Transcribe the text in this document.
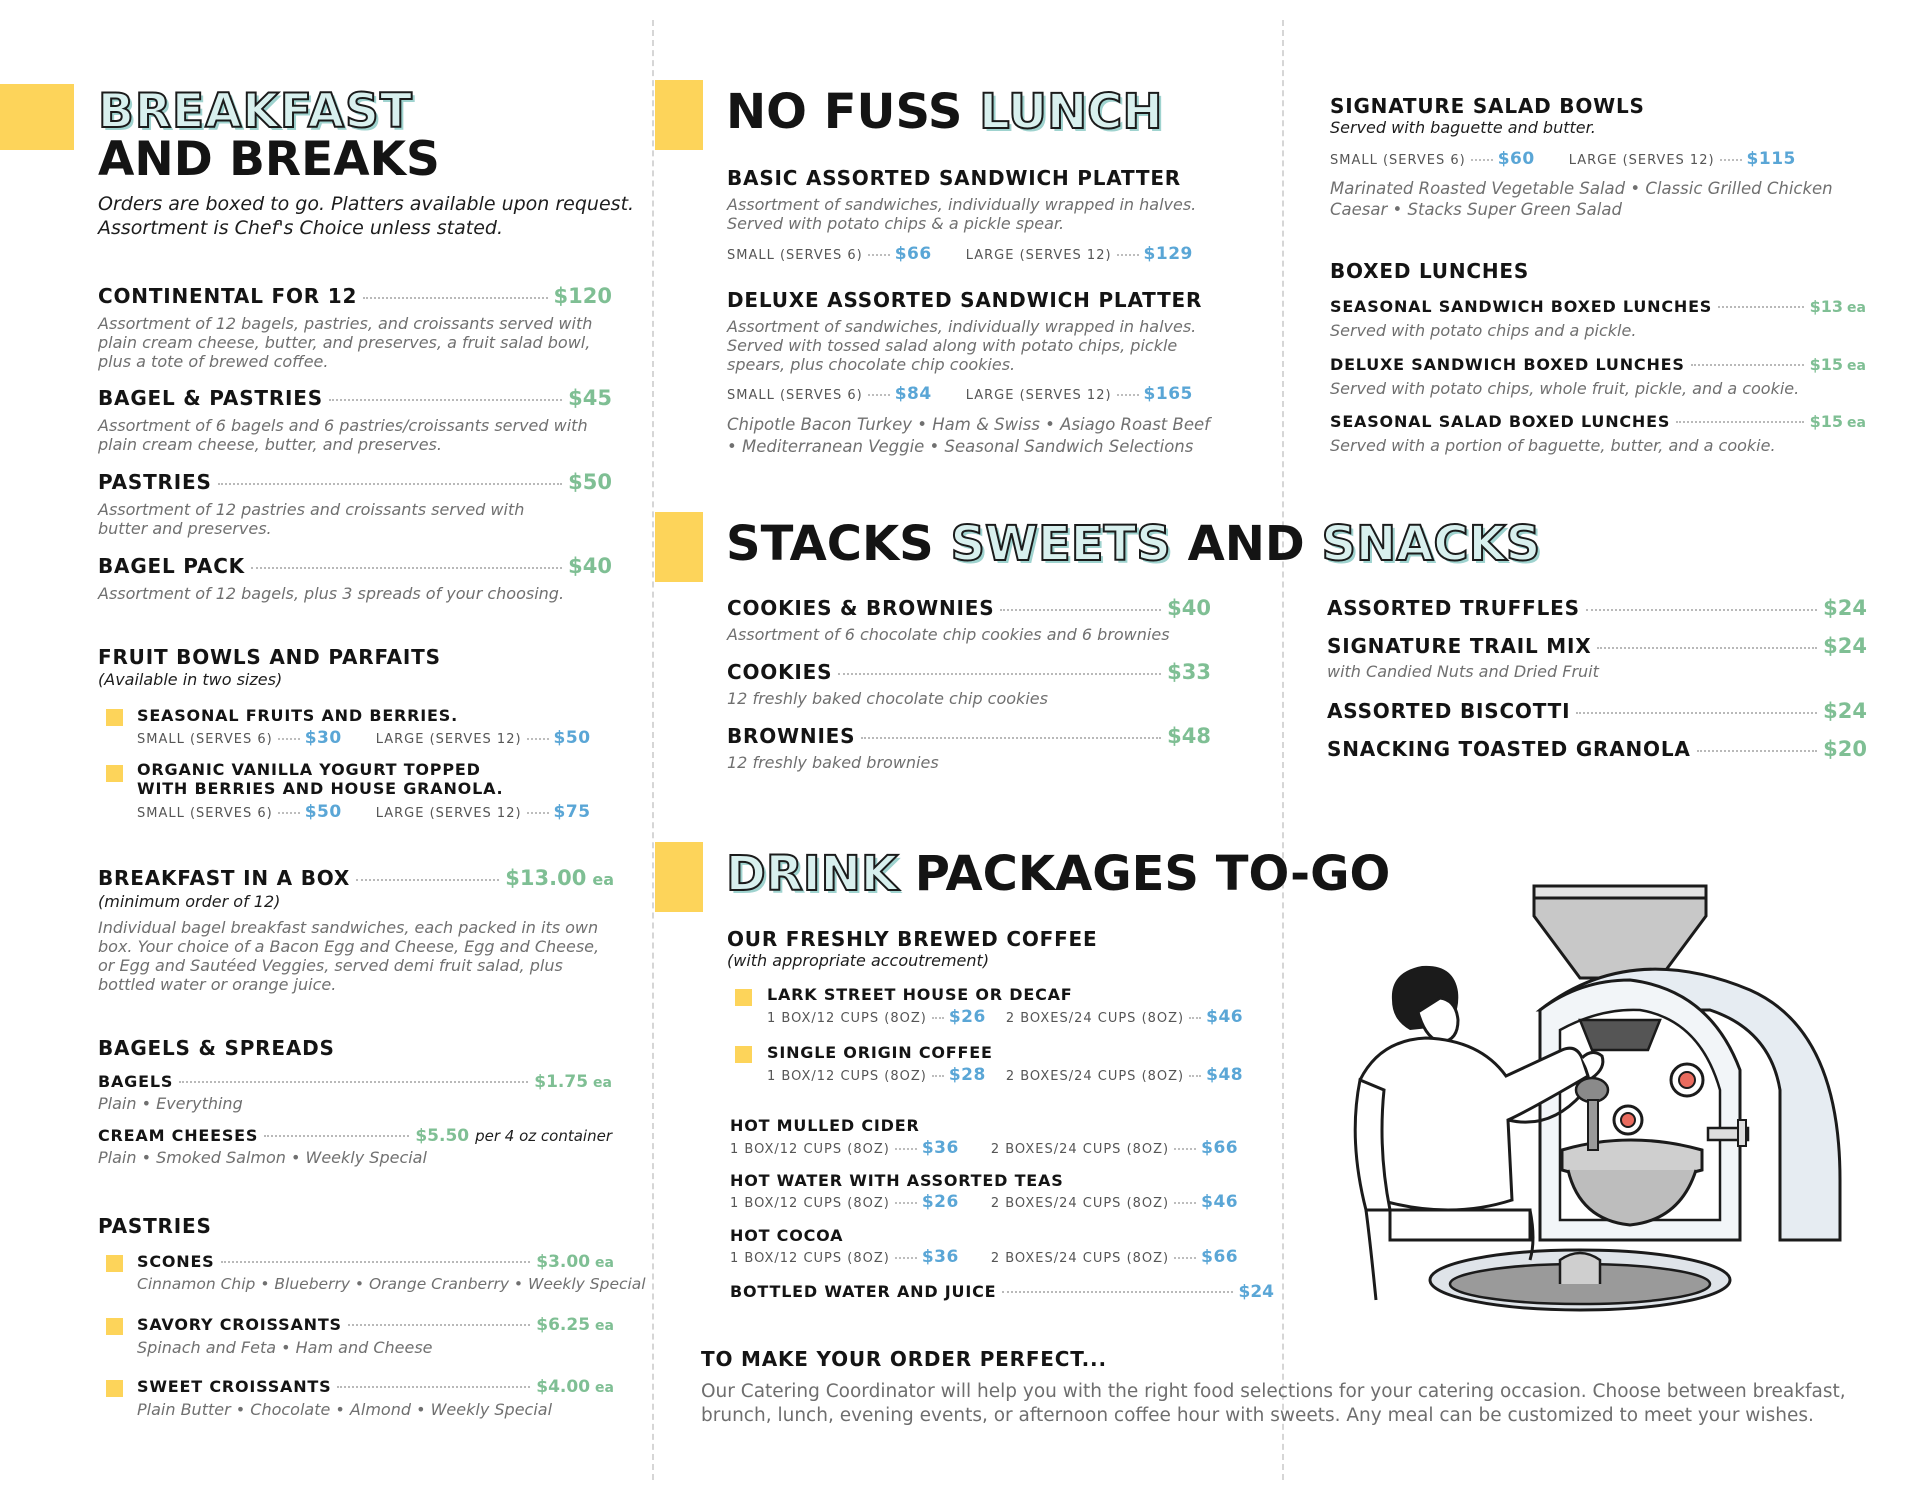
BREAKFAST
AND BREAKS
Orders are boxed to go. Platters available upon request.
Assortment is Chef's Choice unless stated.
CONTINENTAL FOR 12	$120
Assortment of 12 bagels, pastries, and croissants served with plain cream cheese, butter, and preserves, a fruit salad bowl, plus a tote of brewed coffee.
BAGEL & PASTRIES	$45
Assortment of 6 bagels and 6 pastries/croissants served with plain cream cheese, butter, and preserves.
PASTRIES	$50
Assortment of 12 pastries and croissants served with butter and preserves.
BAGEL PACK	$40
Assortment of 12 bagels, plus 3 spreads of your choosing.
FRUIT BOWLS AND PARFAITS
(Available in two sizes)
SEASONAL FRUITS AND BERRIES.
SMALL (SERVES 6) $30	LARGE (SERVES 12) $50
ORGANIC VANILLA YOGURT TOPPED
WITH BERRIES AND HOUSE GRANOLA.
SMALL (SERVES 6) $50	LARGE (SERVES 12) $75
BREAKFAST IN A BOX	$13.00 ea
(minimum order of 12)
Individual bagel breakfast sandwiches, each packed in its own box. Your choice of a Bacon Egg and Cheese, Egg and Cheese, or Egg and Sautéed Veggies, served demi fruit salad, plus bottled water or orange juice.
BAGELS & SPREADS
BAGELS	$1.75 ea
Plain • Everything
CREAM CHEESES	$5.50 per 4 oz container
Plain • Smoked Salmon • Weekly Special
PASTRIES
SCONES	$3.00 ea
Cinnamon Chip • Blueberry • Orange Cranberry • Weekly Special
SAVORY CROISSANTS	$6.25 ea
Spinach and Feta • Ham and Cheese
SWEET CROISSANTS	$4.00 ea
Plain Butter • Chocolate • Almond • Weekly Special
NO FUSS LUNCH
BASIC ASSORTED SANDWICH PLATTER
Assortment of sandwiches, individually wrapped in halves. Served with potato chips & a pickle spear.
SMALL (SERVES 6) $66	LARGE (SERVES 12) $129
DELUXE ASSORTED SANDWICH PLATTER
Assortment of sandwiches, individually wrapped in halves. Served with tossed salad along with potato chips, pickle spears, plus chocolate chip cookies.
SMALL (SERVES 6) $84	LARGE (SERVES 12) $165
Chipotle Bacon Turkey • Ham & Swiss • Asiago Roast Beef • Mediterranean Veggie • Seasonal Sandwich Selections
SIGNATURE SALAD BOWLS
Served with baguette and butter.
SMALL (SERVES 6) $60	LARGE (SERVES 12) $115
Marinated Roasted Vegetable Salad • Classic Grilled Chicken Caesar • Stacks Super Green Salad
BOXED LUNCHES
SEASONAL SANDWICH BOXED LUNCHES	$13 ea
Served with potato chips and a pickle.
DELUXE SANDWICH BOXED LUNCHES	$15 ea
Served with potato chips, whole fruit, pickle, and a cookie.
SEASONAL SALAD BOXED LUNCHES	$15 ea
Served with a portion of baguette, butter, and a cookie.
STACKS SWEETS AND SNACKS
COOKIES & BROWNIES	$40
Assortment of 6 chocolate chip cookies and 6 brownies
COOKIES	$33
12 freshly baked chocolate chip cookies
BROWNIES	$48
12 freshly baked brownies
ASSORTED TRUFFLES	$24
SIGNATURE TRAIL MIX	$24
with Candied Nuts and Dried Fruit
ASSORTED BISCOTTI	$24
SNACKING TOASTED GRANOLA	$20
DRINK PACKAGES TO-GO
OUR FRESHLY BREWED COFFEE
(with appropriate accoutrement)
LARK STREET HOUSE OR DECAF
1 BOX/12 CUPS (8OZ) $26 2 BOXES/24 CUPS (8OZ) $46
SINGLE ORIGIN COFFEE
1 BOX/12 CUPS (8OZ) $28 2 BOXES/24 CUPS (8OZ) $48
HOT MULLED CIDER
1 BOX/12 CUPS (8OZ) $36 2 BOXES/24 CUPS (8OZ) $66
HOT WATER WITH ASSORTED TEAS
1 BOX/12 CUPS (8OZ) $26 2 BOXES/24 CUPS (8OZ) $46
HOT COCOA
1 BOX/12 CUPS (8OZ) $36 2 BOXES/24 CUPS (8OZ) $66
BOTTLED WATER AND JUICE	$24
TO MAKE YOUR ORDER PERFECT...
Our Catering Coordinator will help you with the right food selections for your catering occasion. Choose between breakfast, brunch, lunch, evening events, or afternoon coffee hour with sweets. Any meal can be customized to meet your wishes.
